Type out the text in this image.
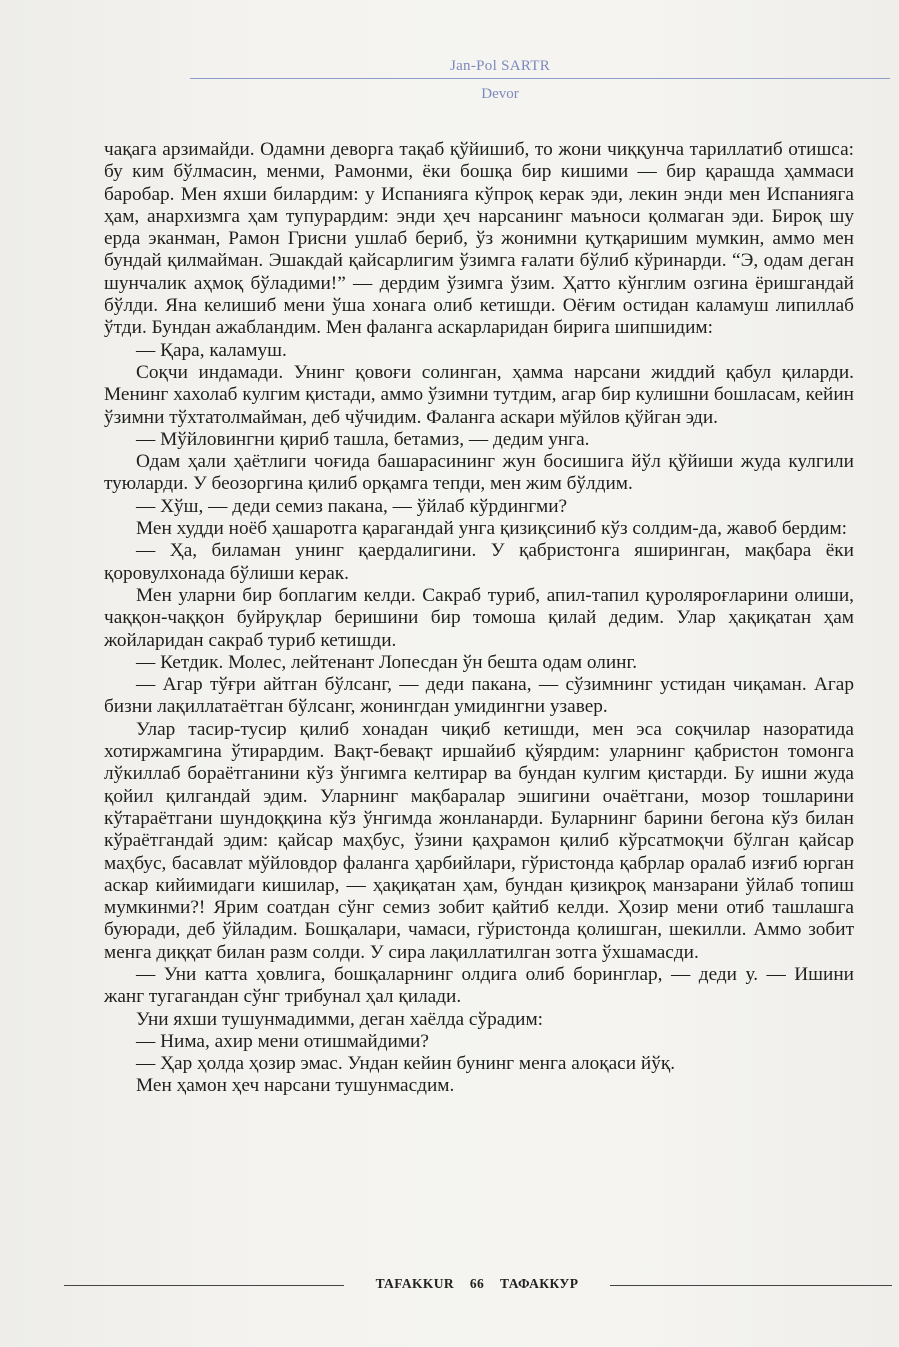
Jan-Pol SARTR
Devor

чақага арзимайди. Одамни деворга тақаб қўйишиб, то жони чиққунча тариллатиб отишса: бу ким бўлмасин, менми, Рамонми, ёки бошқа бир кишими — бир қарашда ҳаммаси баробар. Мен яхши билардим: у Испанияга кўпроқ керак эди, лекин энди мен Испанияга ҳам, анархизмга ҳам тупурардим: энди ҳеч нарсанинг маъноси қолмаган эди. Бироқ шу ерда эканман, Рамон Грисни ушлаб бериб, ўз жонимни қутқаришим мумкин, аммо мен бундай қилмайман. Эшакдай қайсарлигим ўзимга ғалати бўлиб кўринарди. “Э, одам деган шунчалик аҳмоқ бўладими!” — дердим ўзимга ўзим. Ҳатто кўнглим озгина ёришгандай бўлди. Яна келишиб мени ўша хонага олиб кетишди. Оёғим остидан каламуш липиллаб ўтди. Бундан ажабландим. Мен фаланга аскарларидан бирига шипшидим:

— Қара, каламуш.

Соқчи индамади. Унинг қовоғи солинган, ҳамма нарсани жиддий қабул қиларди. Менинг хахолаб кулгим қистади, аммо ўзимни тутдим, агар бир кулишни бошласам, кейин ўзимни тўхтатолмайман, деб чўчидим. Фаланга аскари мўйлов қўйган эди.

— Мўйловингни қириб ташла, бетамиз, — дедим унга.

Одам ҳали ҳаётлиги чоғида башарасининг жун босишига йўл қўйиши жуда кулгили туюларди. У беозоргина қилиб орқамга тепди, мен жим бўлдим.

— Хўш, — деди семиз пакана, — ўйлаб кўрдингми?

Мен худди ноёб ҳашаротга қарагандай унга қизиқсиниб кўз солдим-да, жавоб бердим:

— Ҳа, биламан унинг қаердалигини. У қабристонга яширинган, мақбара ёки қоровулхонада бўлиши керак.

Мен уларни бир боплагим келди. Сакраб туриб, апил-тапил қуроляроғларини олиши, чаққон-чаққон буйруқлар беришини бир томоша қилай дедим. Улар ҳақиқатан ҳам жойларидан сакраб туриб кетишди.

— Кетдик. Молес, лейтенант Лопесдан ўн бешта одам олинг.

— Агар тўғри айтган бўлсанг, — деди пакана, — сўзимнинг устидан чиқаман. Агар бизни лақиллатаётган бўлсанг, жонингдан умидингни узавер.

Улар тасир-тусир қилиб хонадан чиқиб кетишди, мен эса соқчилар назоратида хотиржамгина ўтирардим. Вақт-бевақт иршайиб қўярдим: уларнинг қабристон томонга лўкиллаб бораётганини кўз ўнгимга келтирар ва бундан кулгим қистарди. Бу ишни жуда қойил қилгандай эдим. Уларнинг мақбаралар эшигини очаётгани, мозор тошларини кўтараётгани шундоққина кўз ўнгимда жонланарди. Буларнинг барини бегона кўз билан кўраётгандай эдим: қайсар маҳбус, ўзини қаҳрамон қилиб кўрсатмоқчи бўлган қайсар маҳбус, басавлат мўйловдор фаланга ҳарбийлари, гўристонда қабрлар оралаб изғиб юрган аскар кийимидаги кишилар, — ҳақиқатан ҳам, бундан қизиқроқ манзарани ўйлаб топиш мумкинми?! Ярим соатдан сўнг семиз зобит қайтиб келди. Ҳозир мени отиб ташлашга буюради, деб ўйладим. Бошқалари, чамаси, гўристонда қолишган, шекилли. Аммо зобит менга диққат билан разм солди. У сира лақиллатилган зотга ўхшамасди.

— Уни катта ҳовлига, бошқаларнинг олдига олиб боринглар, — деди у. — Ишини жанг тугагандан сўнг трибунал ҳал қилади.

Уни яхши тушунмадимми, деган хаёлда сўрадим:

— Нима, ахир мени отишмайдими?

— Ҳар ҳолда ҳозир эмас. Ундан кейин бунинг менга алоқаси йўқ.

Мен ҳамон ҳеч нарсани тушунмасдим.

TAFAKKUR 66 ТАФАККУР
